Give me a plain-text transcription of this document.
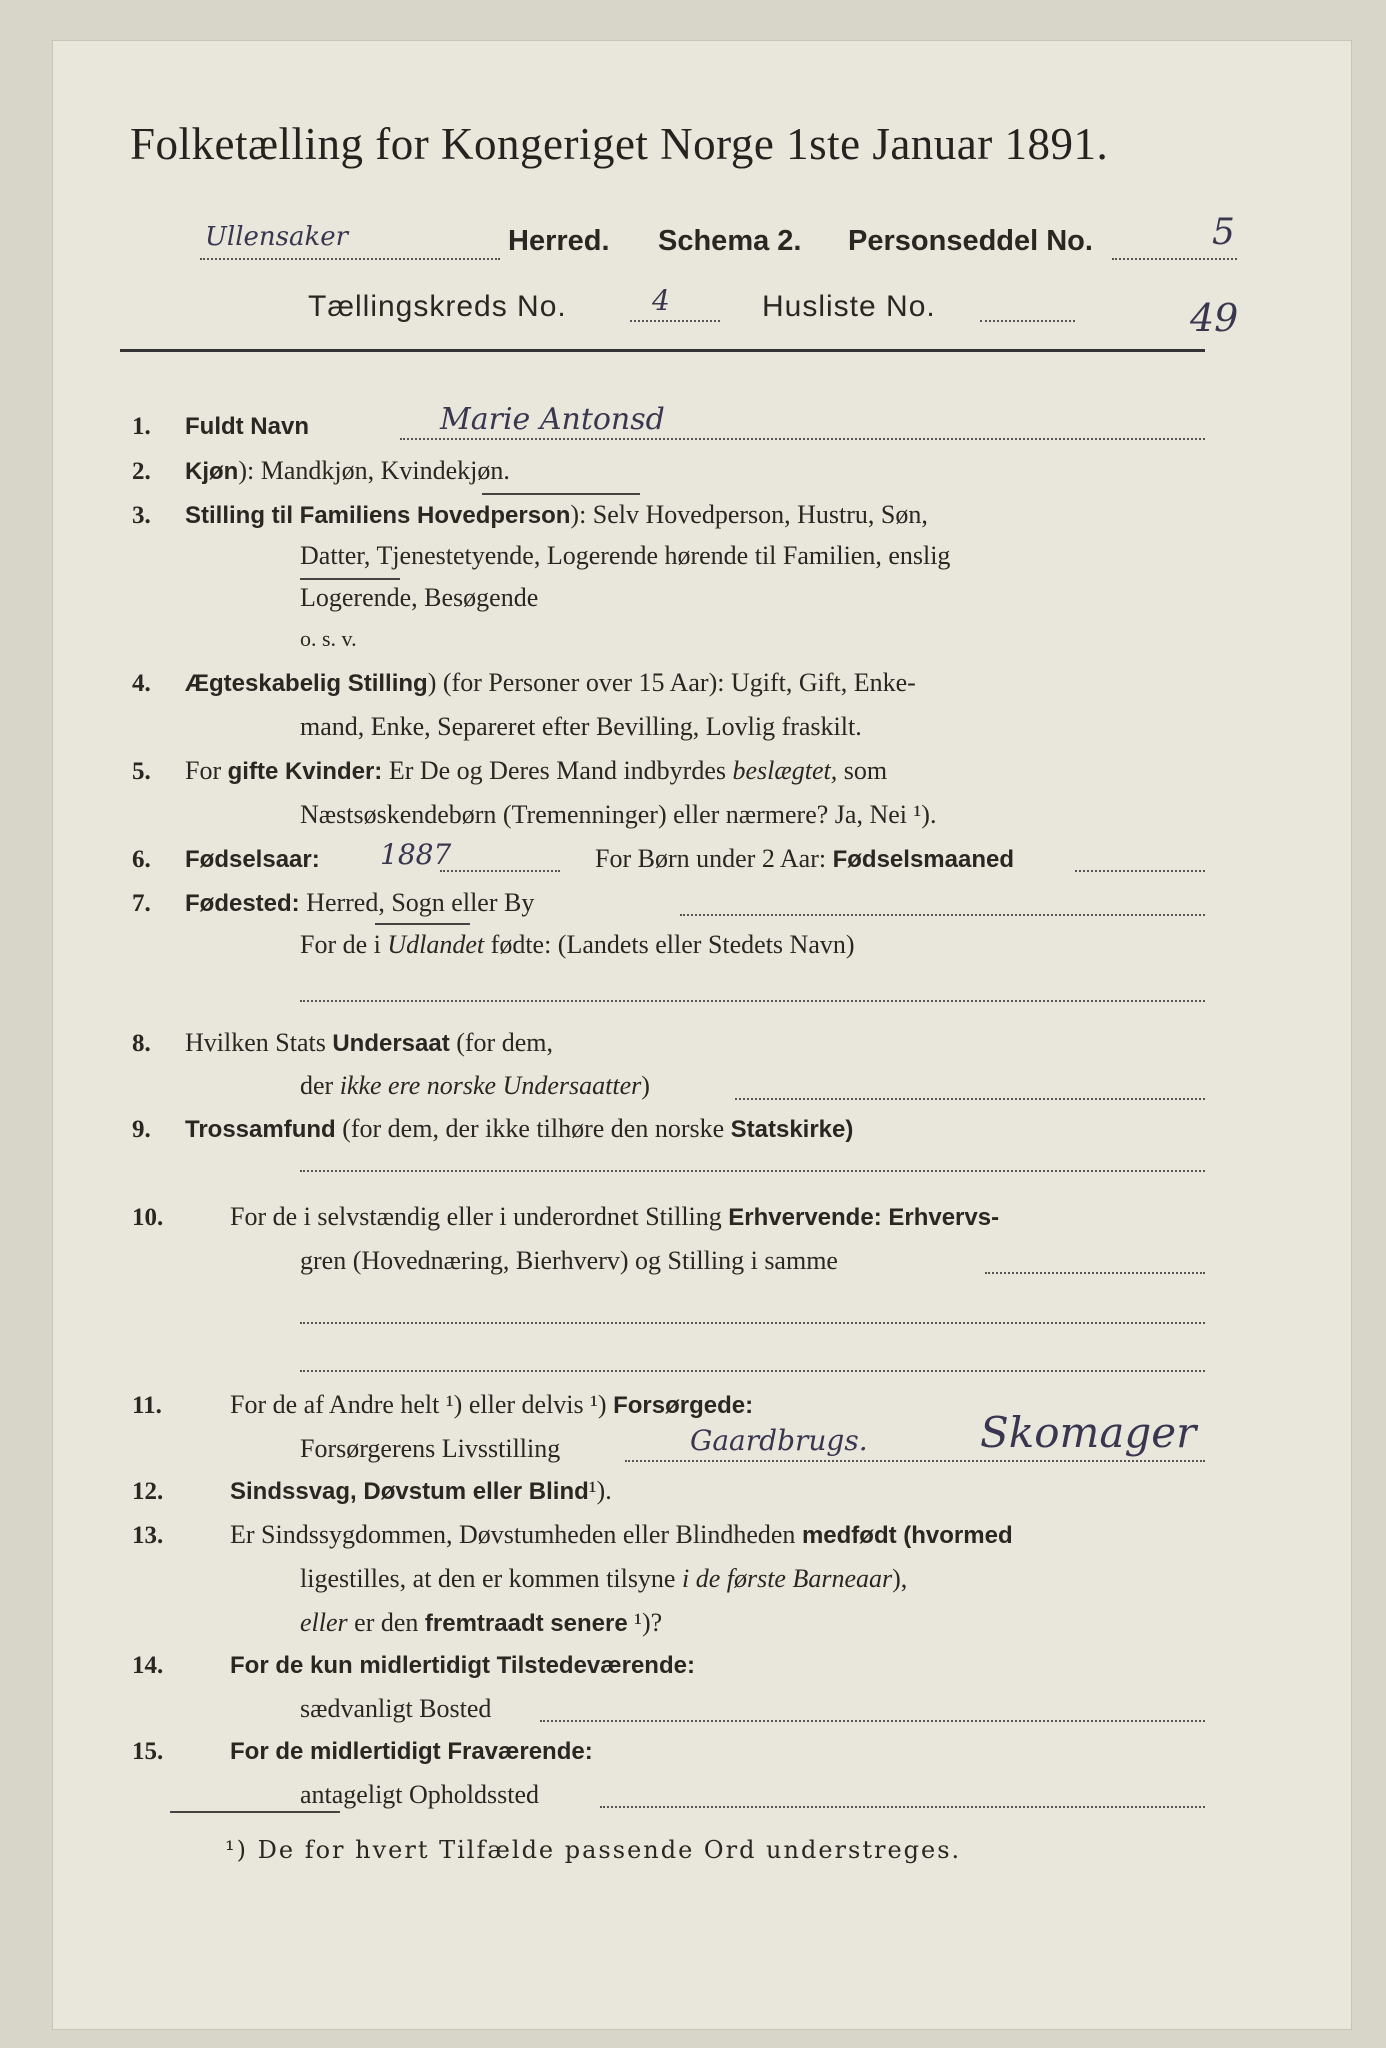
Folketælling for Kongeriget Norge 1ste Januar 1891.
Ullensaker	Herred. Schema 2. Personseddel No.	5
Tællingskreds No.	4	Husliste No.	49
1. Fuldt Navn	Marie Antonsd
2. Kjøn): Mandkjøn, Kvindekjøn.
3. Stilling til Familiens Hovedperson): Selv Hovedperson, Hustru, Søn,
Datter, Tjenestetyende, Logerende hørende til Familien, enslig
Logerende, Besøgende
o. s. v.
4. Ægteskabelig Stilling) (for Personer over 15 Aar): Ugift, Gift, Enke-
mand, Enke, Separeret efter Bevilling, Lovlig fraskilt.
5. For gifte Kvinder: Er De og Deres Mand indbyrdes beslægtet, som
Næstsøskendebørn (Tremenninger) eller nærmere? Ja, Nei ¹).
6. Fødselsaar: 1887	For Børn under 2 Aar: Fødselsmaaned
7. Fødested: Herred, Sogn eller By
For de i Udlandet fødte: (Landets eller Stedets Navn)
8. Hvilken Stats Undersaat (for dem,
der ikke ere norske Undersaatter)
9. Trossamfund (for dem, der ikke tilhøre den norske Statskirke)
10.	For de i selvstændig eller i underordnet Stilling Erhvervende: Erhvervs-
gren (Hovednæring, Bierhverv) og Stilling i samme
11.	For de af Andre helt ¹) eller delvis ¹) Forsørgede:
Forsørgerens Livsstilling	Gaardbrugs.	Skomager
12.	Sindssvag, Døvstum eller Blind¹).
13.	Er Sindssygdommen, Døvstumheden eller Blindheden medfødt (hvormed
ligestilles, at den er kommen tilsyne i de første Barneaar),
eller er den fremtraadt senere ¹)?
14.	For de kun midlertidigt Tilstedeværende:
sædvanligt Bosted
15.	For de midlertidigt Fraværende:
antageligt Opholdssted
¹) De for hvert Tilfælde passende Ord understreges.
